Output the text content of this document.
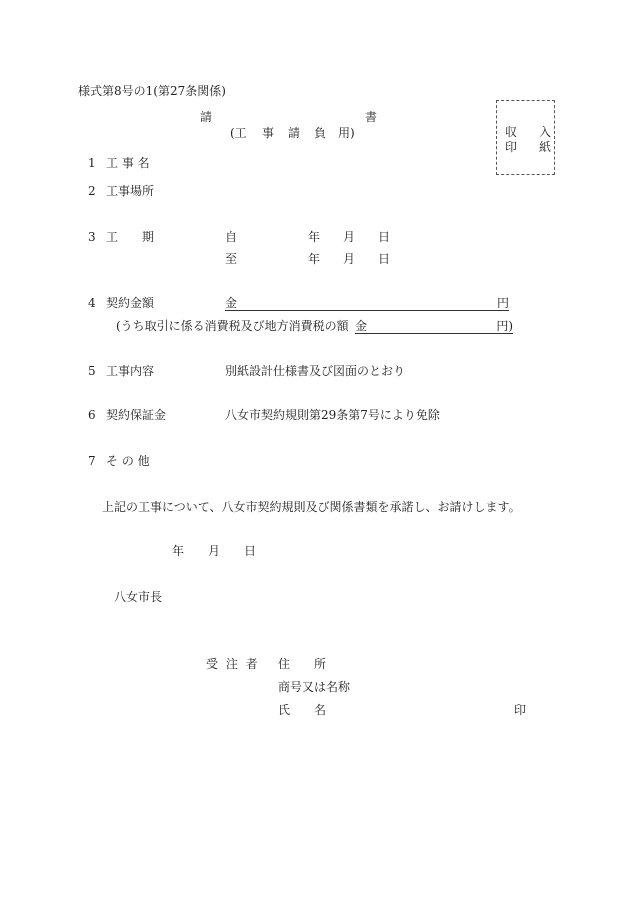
様式第8号の1(第27条関係)
請	書
(工 事 請 負 用)	収 入
印 紙
1 工 事 名
2 工事場所
3 工　　期	自	年 月 日
至	年 月 日
4 契約金額	金	円
(うち取引に係る消費税及び地方消費税の額 金	円)
5 工事内容	別紙設計仕様書及び図面のとおり
6 契約保証金	八女市契約規則第29条第7号により免除
7 そ の 他
上記の工事について、八女市契約規則及び関係書類を承諾し、お請けします。
年 月 日
八女市長
受 注 者 住　所
商号又は名称
氏　名	印
